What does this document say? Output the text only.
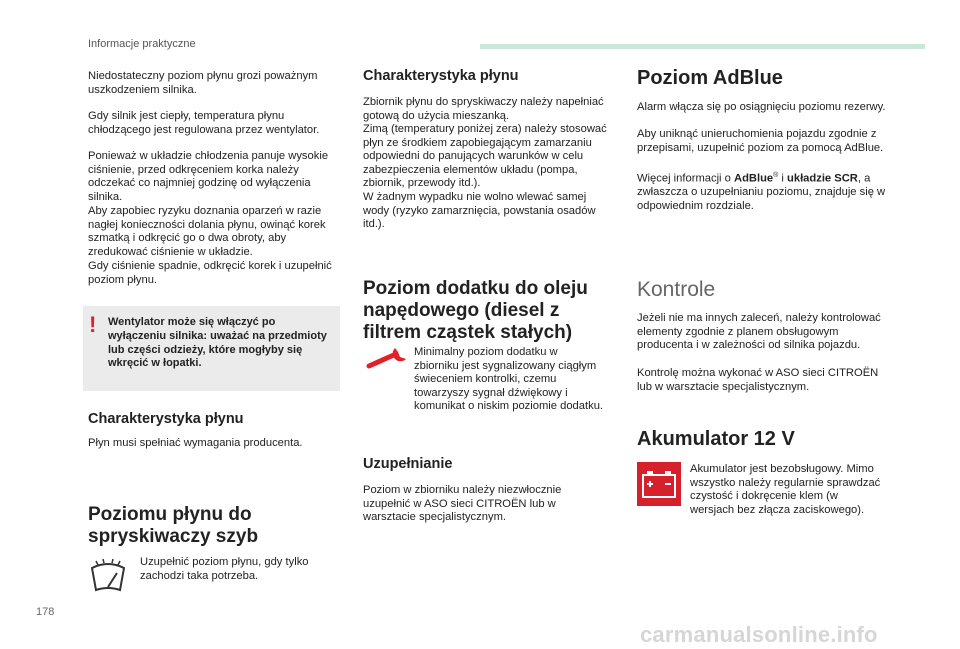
Informacje praktyczne

Niedostateczny poziom płynu grozi poważnym uszkodzeniem silnika.

Gdy silnik jest ciepły, temperatura płynu chłodzącego jest regulowana przez wentylator.

Ponieważ w układzie chłodzenia panuje wysokie ciśnienie, przed odkręceniem korka należy odczekać co najmniej godzinę od wyłączenia silnika.

Aby zapobiec ryzyku doznania oparzeń w razie nagłej konieczności dolania płynu, owinąć korek szmatką i odkręcić go o dwa obroty, aby zredukować ciśnienie w układzie.

Gdy ciśnienie spadnie, odkręcić korek i uzupełnić poziom płynu.

! Wentylator może się włączyć po wyłączeniu silnika: uważać na przedmioty lub części odzieży, które mogłyby się wkręcić w łopatki.
Charakterystyka płynu

Płyn musi spełniać wymagania producenta.

Poziomu płynu do spryskiwaczy szyb

Uzupełnić poziom płynu, gdy tylko zachodzi taka potrzeba.

Charakterystyka płynu

Zbiornik płynu do spryskiwaczy należy napełniać gotową do użycia mieszanką.

Zimą (temperatury poniżej zera) należy stosować płyn ze środkiem zapobiegającym zamarzaniu odpowiedni do panujących warunków w celu zabezpieczenia elementów układu (pompa, zbiornik, przewody itd.).

W żadnym wypadku nie wolno wlewać samej wody (ryzyko zamarznięcia, powstania osadów itd.).

Poziom dodatku do oleju napędowego (diesel z filtrem cząstek stałych)

Minimalny poziom dodatku w zbiorniku jest sygnalizowany ciągłym świeceniem kontrolki, czemu towarzyszy sygnał dźwiękowy i komunikat o niskim poziomie dodatku.

Uzupełnianie

Poziom w zbiorniku należy niezwłocznie uzupełnić w ASO sieci CITROËN lub w warsztacie specjalistycznym.

Poziom AdBlue

Alarm włącza się po osiągnięciu poziomu rezerwy.

Aby uniknąć unieruchomienia pojazdu zgodnie z przepisami, uzupełnić poziom za pomocą AdBlue.

Więcej informacji o AdBlue® i układzie SCR, a zwłaszcza o uzupełnianiu poziomu, znajduje się w odpowiednim rozdziale.

Kontrole

Jeżeli nie ma innych zaleceń, należy kontrolować elementy zgodnie z planem obsługowym producenta i w zależności od silnika pojazdu.

Kontrolę można wykonać w ASO sieci CITROËN lub w warsztacie specjalistycznym.

Akumulator 12 V

Akumulator jest bezobsługowy. Mimo wszystko należy regularnie sprawdzać czystość i dokręcenie klem (w wersjach bez złącza zaciskowego).

178
carmanualsonline.info
